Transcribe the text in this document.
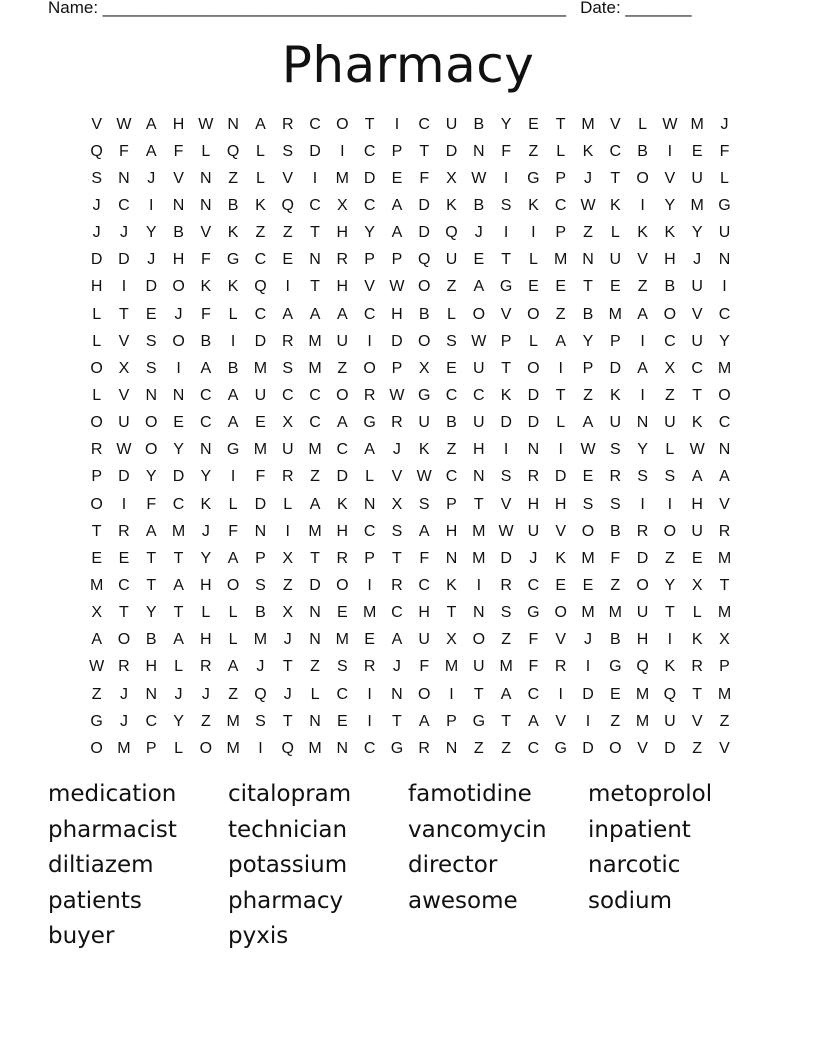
Name: _________________________________________________ Date: _______
Pharmacy
V W A	H W N	A	R C O	T	I	C U	B	Y	E	T M V	L W M	J
Q	F	A	F	L	Q	L	S	D	I	C	P	T	D N	F	Z	L	K	C	B	I	E	F
S	N	J	V	N	Z	L	V	I	M D	E	F	X W	I	G P	J	T	O V	U	L
J	C	I	N N	B	K Q C	X	C	A	D	K	B	S	K	C W K	I	Y M G
J	J	Y	B	V	K	Z	Z	T	H	Y	A	D Q	J	I	I	P	Z	L	K	K	Y	U
D D	J	H	F	G C	E	N R	P	P Q U	E	T	L	M N U	V	H	J	N
H	I	D O K	K Q	I	T	H	V W O	Z	A G E	E	T	E	Z	B	U	I
L	T	E	J	F	L	C	A	A	A	C H	B	L	O V O	Z	B M A O V	C
L	V	S O B	I	D R M U	I	D O S W P	L	A	Y	P	I	C U	Y
O X	S	I	A	B M S M Z	O P	X	E	U	T	O	I	P	D	A	X	C M
L	V	N N C	A	U C C O R W G C C	K	D	T	Z	K	I	Z	T	O
O U O E	C	A	E	X	C	A G R U	B	U D D	L	A	U N U	K	C
R W O Y	N G M U M C	A	J	K	Z	H	I	N	I	W S	Y	L W N
P	D	Y	D	Y	I	F	R	Z	D	L	V W C N	S	R D	E	R	S	S	A	A
O	I	F	C	K	L	D	L	A	K	N	X	S	P	T	V	H H	S	S	I	I	H	V
T	R	A M	J	F	N	I	M H C	S	A	H M W U	V O B	R O U R
E	E	T	T	Y	A	P	X	T	R	P	T	F	N M D	J	K M F	D	Z	E M
M C	T	A	H O S	Z	D O	I	R C	K	I	R C	E	E	Z	O Y	X	T
X	T	Y	T	L	L	B	X	N	E M C H	T	N	S G O M M U	T	L	M
A O B	A	H	L	M	J	N M E	A	U	X O	Z	F	V	J	B	H	I	K	X
W R H	L	R	A	J	T	Z	S	R	J	F M U M F	R	I	G Q K	R	P
Z	J	N	J	J	Z	Q	J	L	C	I	N O	I	T	A	C	I	D	E M Q	T M
G	J	C	Y	Z M S	T	N	E	I	T	A	P G	T	A	V	I	Z M U	V	Z
O M P	L	O M	I	Q M N C G R N	Z	Z	C G D O V	D	Z	V
medication	citalopram	famotidine	metoprolol
pharmacist	technician	vancomycin	inpatient
diltiazem	potassium	director	narcotic
patients	pharmacy	awesome	sodium
buyer	pyxis
